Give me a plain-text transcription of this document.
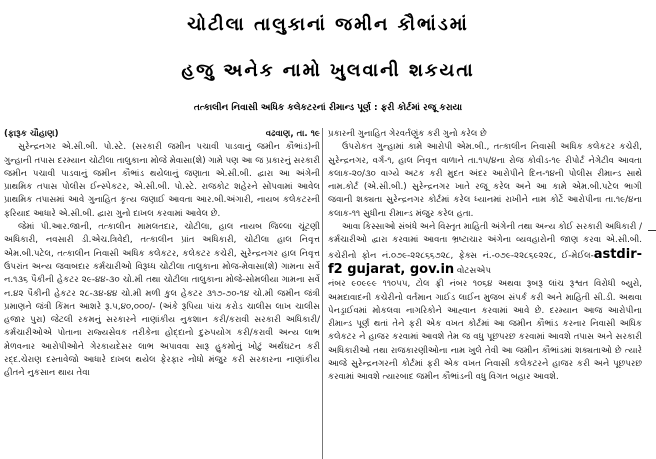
ચોટીલા તાલુકાનાં જમીન કૌભાંડમાં
હજુ અનેક નામો ખુલવાની શકયતા
તત્કાલીન નિવાસી અધિક કલેકટરનાં રીમાન્ડ પૂર્ણ : ફરી કોર્ટમાં રજૂ કરાયા
(ફારૂક ચૌહાણ)	વઢવાણ, તા. ૧૯

સુરેન્દ્રનગર એ.સી.બી. પો.સ્ટે. (સરકારી જમીન પચાવી પાડવાનું જમીન કૌભાંડ)ની ગુન્હાની તપાસ દરમ્યાન ચોટીલા તાલુકાના મોજે મેવાસા(શે) ગામે પણ આ જ પ્રકારનું સરકારી જમીન પચાવી પાડવાનું જમીન કૌભાંડ થયેલાનું જણાતા એ.સી.બી. દ્વારા આ અંગેની પ્રાથમિક તપાસ પોલીસ ઈન્સ્પેકટર, એ.સી.બી. પો.સ્ટે. રાજકોટ શહેરને સોંપવામાં આવેલ પ્રાથમિક તપાસમાં આવે ગુનાહિત કૃત્ય જણાઈ આવતા આર.બી.અંગારી, નાયબ કલેકટરની ફરિયાદ આધારે એ.સી.બી. દ્વારા ગુનો દાખલ કરવામાં આવેલ છે.

જેમાં પી.આર.જાની, તત્કાલીન મામલતદાર, ચોટીલા, હાલ નાયબ જિલ્લા ચૂંટણી અધિકારી, નવસારી ડી.એચ.ત્રિવેદી, તત્કાલીન પ્રાંત અધિકારી, ચોટીલા હાલ નિવૃત્ત એમ.બી.પટેલ, તત્કાલીન નિવાસી અધિક કલેકટર, કલેકટર કચેરી, સુરેન્દ્રનગર હાલ નિવૃત્ત ઉપરાંત અન્ય જવાબદાર કર્મચારીઓ વિરૂધ્ધ ચોટીલા તાલુકાના મોજ-મેવાસા(શે) ગામના સર્વે ન.૧૩૬ પૈકીની હેકટર ૨૯-૪૪-૩૦ ચો.મી તથા ચોટીલા તાલુકાના મોજે-સોમલીયા ગામના સર્વે ન.૪૨ પૈકીની હેકટર ૨૮-૩૪-૪૪ ચો.મી મળી કુલ હેકટર ૩૧૭-૭૦-૧૪ ચો.મી જમીન જંત્રી પ્રમાણને જંત્રી કિંમત આશરે રૂ.૫,૪૦,૦૦૦/- (અંકે રૂપિયા પાંચ કરોડ ચાલીસ લાખ ચાલીસ હજાર પુરા) જેટલી રકમનું સરકારને નાણાંકીય નુકશાન કરી/કરાવી સરકારી અધિકારી/કર્મચારીઓએ પોતાના રાજ્યસેવક તરીકેના હોદ્દાનો દુરુપયોગ કરી/કરાવી અન્ય લાભ મેળવનાર આરોપીઓને ગેરકાયદેસર લાભ અપાવવા સારૂ હુકમોનું ખોટું અર્થઘટન કરી રદ્દ.ચેરાણ દસ્તાવેજો આધારે દાખલ થયેલ ફેરફાર નોંધો મંજુર કરી સરકારના નાણાંકીય હીતને નુકસાન થાય તેવા

પ્રકારની ગુનાહિત ગેરવર્તણુંક કરી ગુનો કરેલ છે

ઉપરોકત ગુન્હામાં કામે આરોપી એમ.બી., તત્કાલીન નિવાસી અધિક કલેકટર કચેરી, સુરેન્દ્રનગર, વર્ગ-૧, હાલ નિવૃત્ત વાળાને તા.૧૫/૪ના રોજ કોવીડ-૧૯ રીપોર્ટ નેગેટીવ આવતા કલાક-૨૦/૩૦ વાગ્યે અટક કરી મુદત અંદર આરોપીને દિન-૧૪ની પોલીસ રીમાન્ડ સાથે નામ.કોર્ટ (એ.સી.બી.) સુરેન્દ્રનગર ખાતે રજૂ કરેલ અને આ કામે એમ.બી.પટેલ ભાગી જવાની શક્યતા સુરેન્દ્રનગર કોર્ટમાં કરેલ ધ્યાનમાં રાખીને નામ કોર્ટે આરોપીના તા.૧૯/૪ના કલાક-૧૧ સુધીના રીમાન્ડ મંજુર કરેલ હતા.

આવા કિસ્સાઓ સંબંધે અને વિસ્તૃત માહિતી અંગેની તથા અન્ય કોઈ સરકારી અધિકારી /કર્મચારીઓ દ્વારા કરવામાં આવતા ભ્રષ્ટાચાર અંગેના વ્યવહારોની જાણ કરવા એ.સી.બી. કચેરીનો ફોન નં.૦૭૯-૨૨૮૬૬૭૨૮, ફેક્સ નં.-૦૭૯-૨૨૮૬૯૨૨૮, ઈ-મેઈલ-astdir-f2 gujarat, gov.in વોટસએપ

નંબર ૯૦૯૯૯ ૧૧૦૫૫, ટોલ ફ્રી નંબર ૧૦૬૪ અથવા રૂબરૂ લાંચ રૂશ્વત વિરોધી બ્યુરો, અમદાવાદની કચેરીનો વર્તમાન ગાઈડ લાઈન મુજબ સંપર્ક કરી અને માહિતી સી.ડી. અથવા પેનડ્રાઈવમાં મોકલવા નાગરિકોને આહ્વાન કરવામાં આવે છે. દરમ્યાન આજ આરોપીના રીમાન્ડ પૂર્ણ થતાં તેને ફરી એક વખત કોર્ટમાં આ જમીન કૌભાંડ કરનાર નિવાસી અધિક કલેકટર ને હાજર કરવામાં આવશે તેમ જ વધુ પૂછપરછ કરવામાં આવશે તપાસ અને સરકારી અધિકારીઓ તથા રાજકારણીઓના નામ ખુલે તેવી આ જમીન કૌભાંડમાં શક્યતાઓ છે ત્યારે આજે સુરેન્દ્રનગરની કોર્ટમાં ફરી એક વખત નિવાસી કલેકટરને હાજર કરી અને પૂછપરછ કરવામાં આવશે ત્યારબાદ જમીન કૌભાંડની વધુ વિગત બહાર આવશે.
